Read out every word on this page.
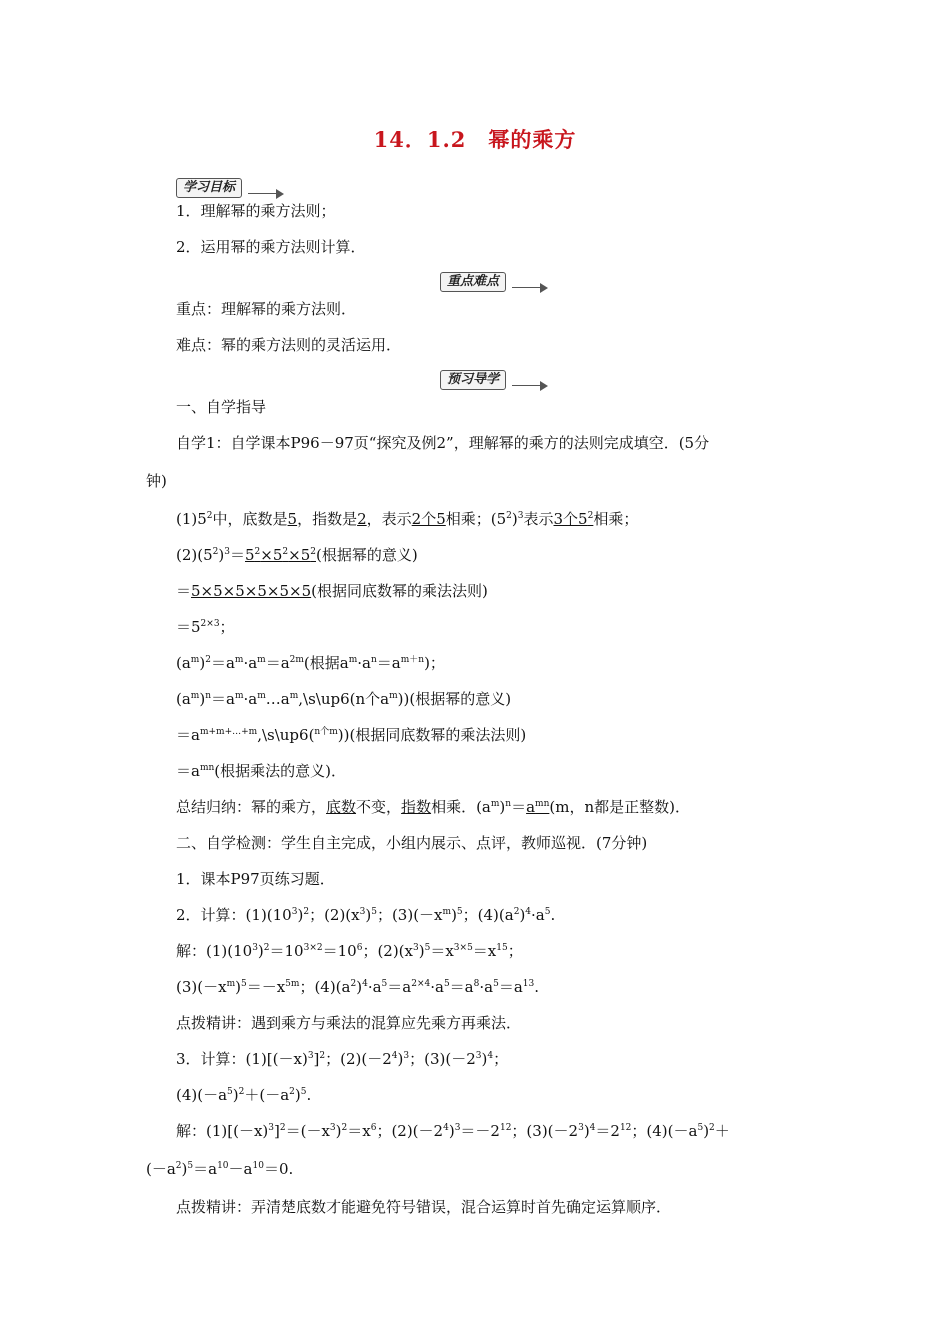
14．1.2　幂的乘方
学习目标
1．理解幂的乘方法则；
2．运用幂的乘方法则计算．
重点难点
重点：理解幂的乘方法则．
难点：幂的乘方法则的灵活运用．
预习导学
一、自学指导
自学1：自学课本P96－97页“探究及例2”，理解幂的乘方的法则完成填空．(5分
钟)
$(1)5^2$中，底数是5，指数是2，表示2个5相乘；$(5^2)^3$表示3个$5^2$相乘；
$(2)(5^2)^3=5^2\times 5^2\times 5^2$(根据幂的意义)
＝5×5×5×5×5×5(根据同底数幂的乘法法则)
$=5^{2\times 3}$；
$(a^m)^2=a^m\cdot a^m=a^{2m}$(根据$a^m\cdot a^n=a^{m+n}$)；
$(a^m)^n=a^m\cdot a^m\dots a^m,\backslash s\backslash up6(n$个$a^m$))(根据幂的意义)
$=a^{m+m+\dots+m},\backslash s\backslash up6(^{n个m})$)(根据同底数幂的乘法法则)
$=a^{mn}$(根据乘法的意义)．
总结归纳：幂的乘方，底数不变，指数相乘．$(a^m)^n=a^{mn}(m$，n都是正整数)．
二、自学检测：学生自主完成，小组内展示、点评，教师巡视．(7分钟)
1．课本P97页练习题．
2．计算：$(1)(10^3)^2$；$(2)(x^3)^5$；$(3)(-x^m)^5$；$(4)(a^2)^4\cdot a^5$.
解：$(1)(10^3)^2=10^{3\times 2}=10^6$；$(2)(x^3)^5=x^{3\times 5}=x^{15}$；
$(3)(-x^m)^5=-x^{5m}$；$(4)(a^2)^4\cdot a^5=a^{2\times 4}\cdot a^5=a^8\cdot a^5=a^{13}$.
点拨精讲：遇到乘方与乘法的混算应先乘方再乘法．
3．计算：$(1)[(-x)^3]^2$；$(2)(-2^4)^3$；$(3)(-2^3)^4$；
$(4)(-a^5)^2+(-a^2)^5$.
解：$(1)[(-x)^3]^2=(-x^3)^2=x^6$；$(2)(-2^4)^3=-2^{12}$；$(3)(-2^3)^4=2^{12}$；$(4)(-a^5)^2+$
$(-a^2)^5=a^{10}-a^{10}=0$.
点拨精讲：弄清楚底数才能避免符号错误，混合运算时首先确定运算顺序．
